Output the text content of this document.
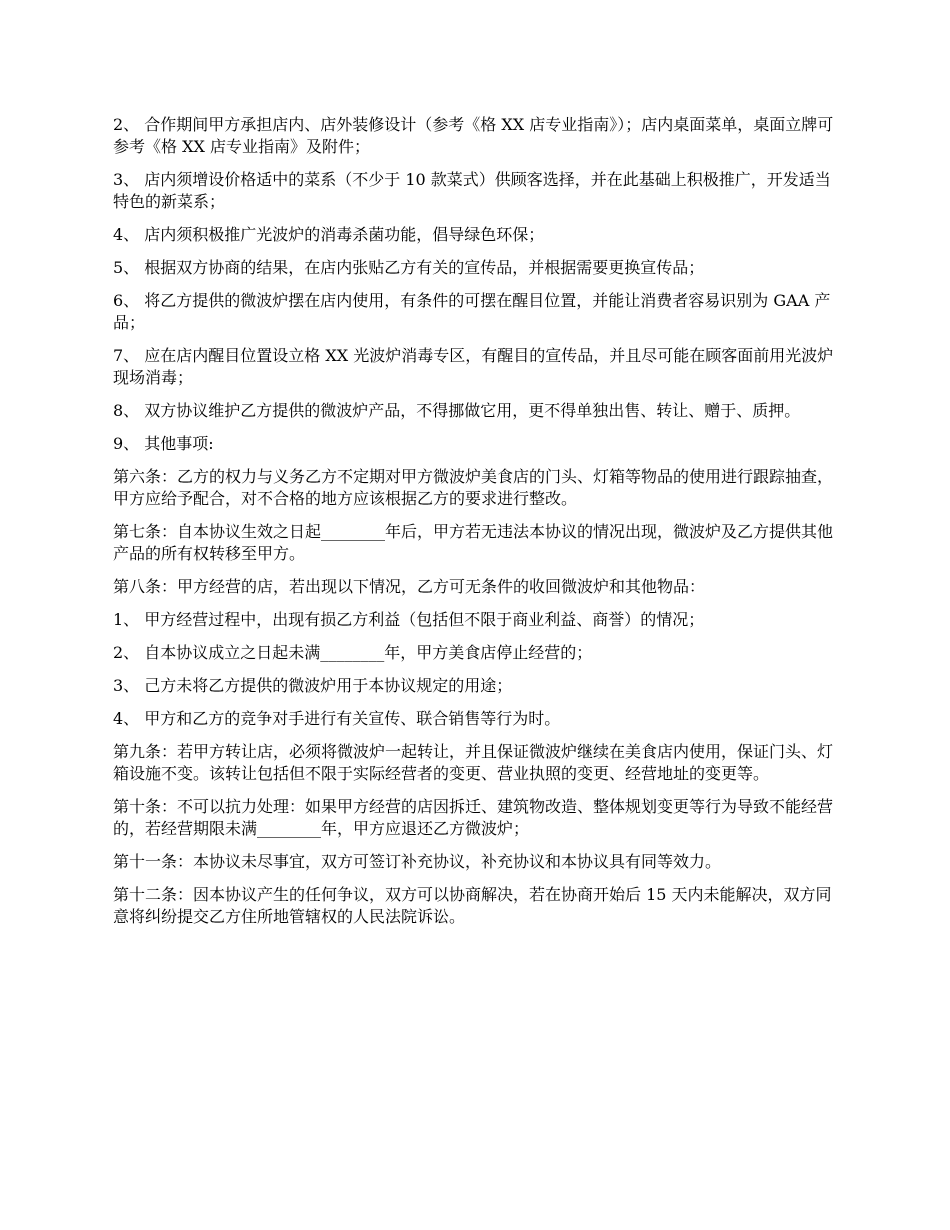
2、 合作期间甲方承担店内、店外装修设计（参考《格 XX 店专业指南》）；店内桌面菜单，桌面立牌可参考《格 XX 店专业指南》及附件；

3、 店内须增设价格适中的菜系（不少于 10 款菜式）供顾客选择，并在此基础上积极推广，开发适当特色的新菜系；

4、 店内须积极推广光波炉的消毒杀菌功能，倡导绿色环保；

5、 根据双方协商的结果，在店内张贴乙方有关的宣传品，并根据需要更换宣传品；

6、 将乙方提供的微波炉摆在店内使用，有条件的可摆在醒目位置，并能让消费者容易识别为 GAA 产品；

7、 应在店内醒目位置设立格 XX 光波炉消毒专区，有醒目的宣传品，并且尽可能在顾客面前用光波炉现场消毒；

8、 双方协议维护乙方提供的微波炉产品，不得挪做它用，更不得单独出售、转让、赠于、质押。

9、 其他事项:

第六条：乙方的权力与义务乙方不定期对甲方微波炉美食店的门头、灯箱等物品的使用进行跟踪抽查，甲方应给予配合，对不合格的地方应该根据乙方的要求进行整改。

第七条：自本协议生效之日起________年后，甲方若无违法本协议的情况出现，微波炉及乙方提供其他产品的所有权转移至甲方。

第八条：甲方经营的店，若出现以下情况，乙方可无条件的收回微波炉和其他物品：

1、 甲方经营过程中，出现有损乙方利益（包括但不限于商业利益、商誉）的情况；

2、 自本协议成立之日起未满________年，甲方美食店停止经营的；

3、 己方未将乙方提供的微波炉用于本协议规定的用途；

4、 甲方和乙方的竞争对手进行有关宣传、联合销售等行为时。

第九条：若甲方转让店，必须将微波炉一起转让，并且保证微波炉继续在美食店内使用，保证门头、灯箱设施不变。该转让包括但不限于实际经营者的变更、营业执照的变更、经营地址的变更等。

第十条：不可以抗力处理：如果甲方经营的店因拆迁、建筑物改造、整体规划变更等行为导致不能经营的，若经营期限未满________年，甲方应退还乙方微波炉；

第十一条：本协议未尽事宜，双方可签订补充协议，补充协议和本协议具有同等效力。

第十二条：因本协议产生的任何争议，双方可以协商解决，若在协商开始后 15 天内未能解决，双方同意将纠纷提交乙方住所地管辖权的人民法院诉讼。
